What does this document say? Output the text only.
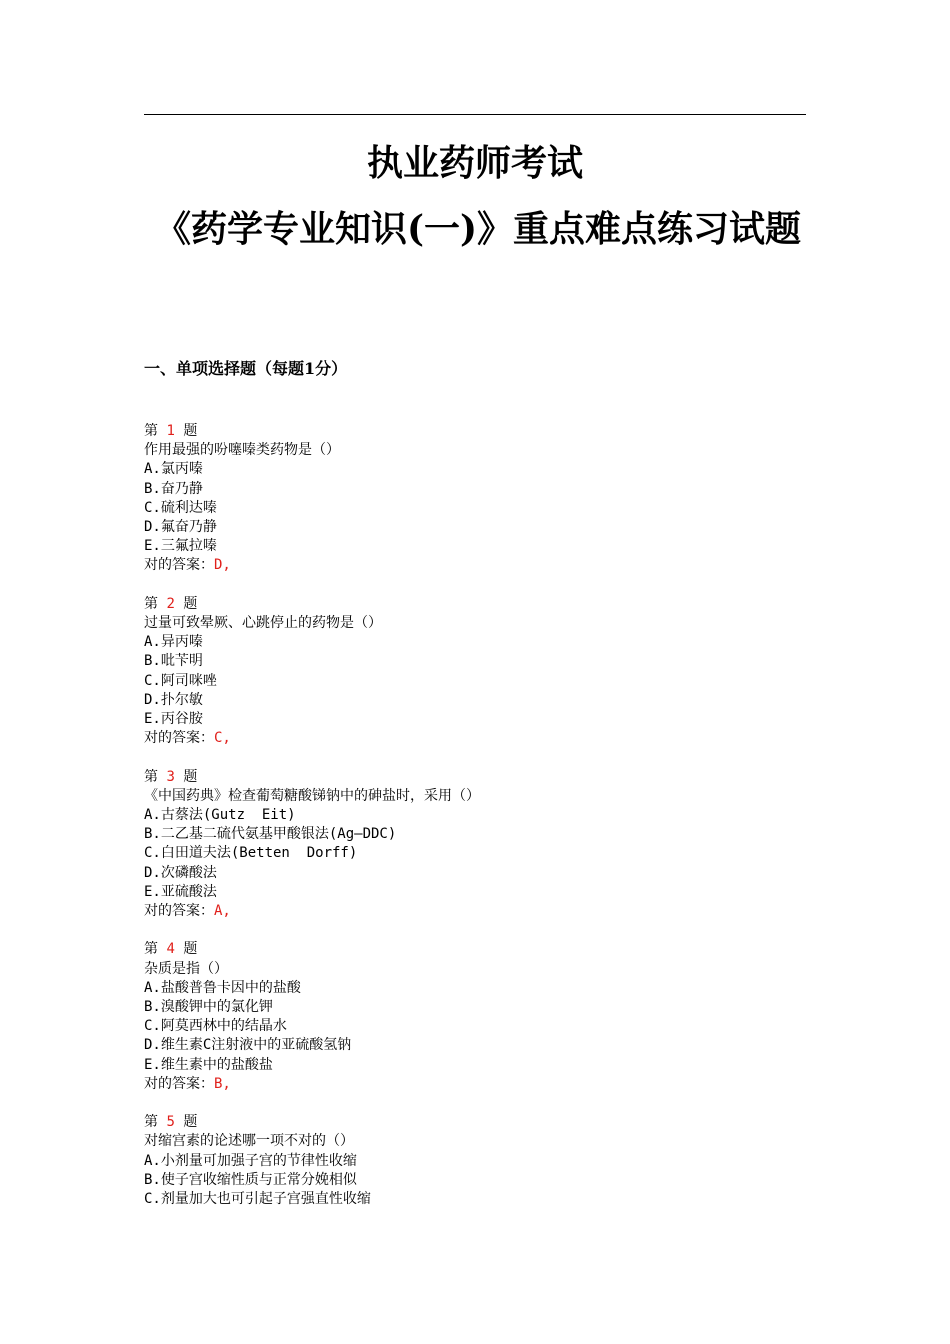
执业药师考试
《药学专业知识(一)》重点难点练习试题
一、单项选择题（每题1分）
第 1 题
作用最强的吩噻嗪类药物是（）
A.氯丙嗪
B.奋乃静
C.硫利达嗪
D.氟奋乃静
E.三氟拉嗪
对的答案：D,
第 2 题
过量可致晕厥、心跳停止的药物是（）
A.异丙嗪
B.吡苄明
C.阿司咪唑
D.扑尔敏
E.丙谷胺
对的答案：C,
第 3 题
《中国药典》检查葡萄糖酸锑钠中的砷盐时，采用（）
A.古蔡法(Gutz  Eit)
B.二乙基二硫代氨基甲酸银法(Ag—DDC)
C.白田道夫法(Betten  Dorff)
D.次磷酸法
E.亚硫酸法
对的答案：A,
第 4 题
杂质是指（）
A.盐酸普鲁卡因中的盐酸
B.溴酸钾中的氯化钾
C.阿莫西林中的结晶水
D.维生素C注射液中的亚硫酸氢钠
E.维生素中的盐酸盐
对的答案：B,
第 5 题
对缩宫素的论述哪一项不对的（）
A.小剂量可加强子宫的节律性收缩
B.使子宫收缩性质与正常分娩相似
C.剂量加大也可引起子宫强直性收缩
